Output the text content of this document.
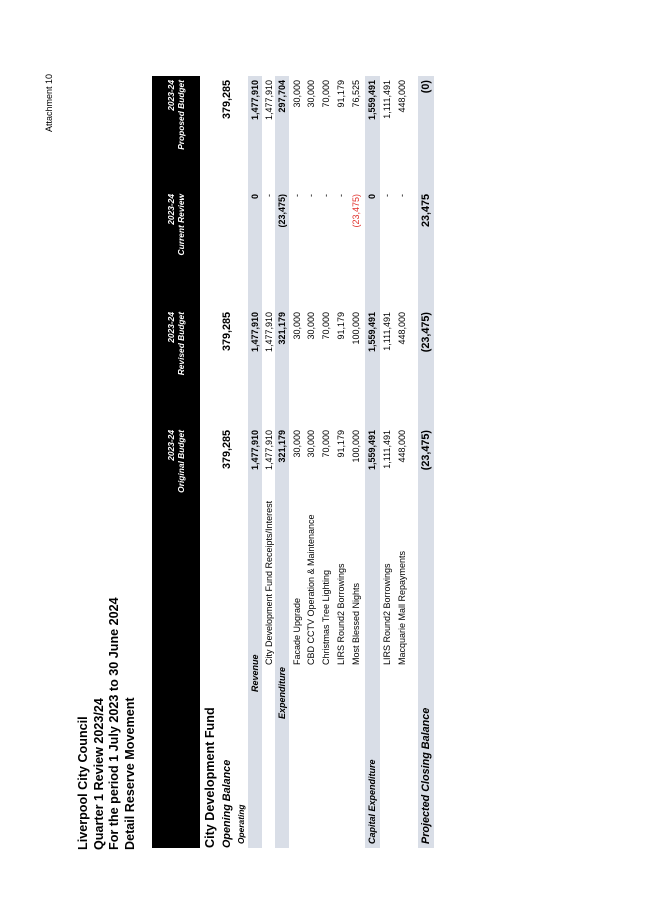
Attachment 10
Liverpool City Council Quarter 1 Review 2023/24 For the period 1 July 2023 to 30 June 2024 Detail Reserve Movement
2023-24 Original Budget
2023-24 Revised Budget
2023-24 Current Review
2023-24 Proposed Budget
City Development Fund Opening Balance Operating
Revenue
City Development Fund Receipts/Interest
Expenditure
Facade Upgrade CBD CCTV Operation & Maintenance Christmas Tree Lighting LIRS Round2 Borrowings Most Blessed Nights
Capital Expenditure
LIRS Round2 Borrowings Macquarie Mall Repayments
Projected Closing Balance
379,285
379,285
379,285
1,477,910
1,477,910
0
1,477,910
1,477,910
1,477,910
-
1,477,910
321,179
321,179
(23,475)
297,704
30,000
30,000
-
30,000
30,000
30,000
-
30,000
70,000
70,000
-
70,000
91,179
91,179
-
91,179
100,000
100,000
(23,475)
76,525
1,559,491
1,559,491
0
1,559,491
1,111,491
1,111,491
-
1,111,491
448,000
448,000
-
448,000
(23,475)
(23,475)
23,475
(0)
